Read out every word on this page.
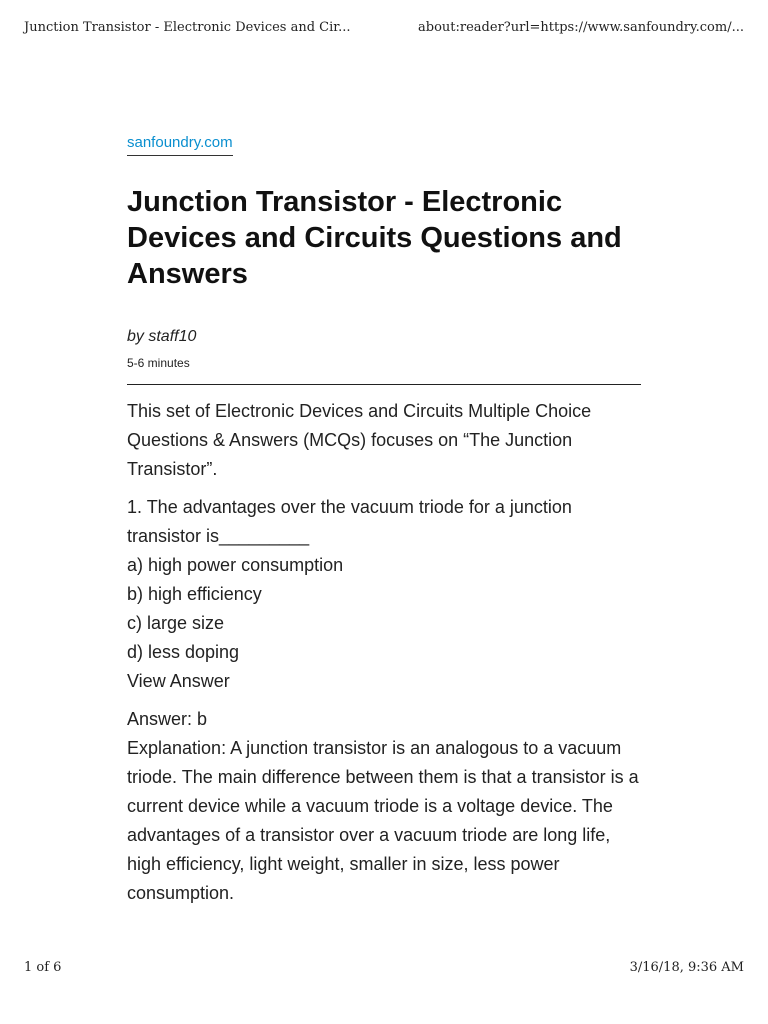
Junction Transistor - Electronic Devices and Cir...	about:reader?url=https://www.sanfoundry.com/...
sanfoundry.com
Junction Transistor - Electronic Devices and Circuits Questions and Answers
by staff10
5-6 minutes

This set of Electronic Devices and Circuits Multiple Choice Questions & Answers (MCQs) focuses on “The Junction Transistor”.

1. The advantages over the vacuum triode for a junction transistor is_________
a) high power consumption
b) high efficiency
c) large size
d) less doping
View Answer
Answer: b
Explanation: A junction transistor is an analogous to a vacuum triode. The main difference between them is that a transistor is a current device while a vacuum triode is a voltage device. The advantages of a transistor over a vacuum triode are long life, high efficiency, light weight, smaller in size, less power consumption.
1 of 6	3/16/18, 9:36 AM
